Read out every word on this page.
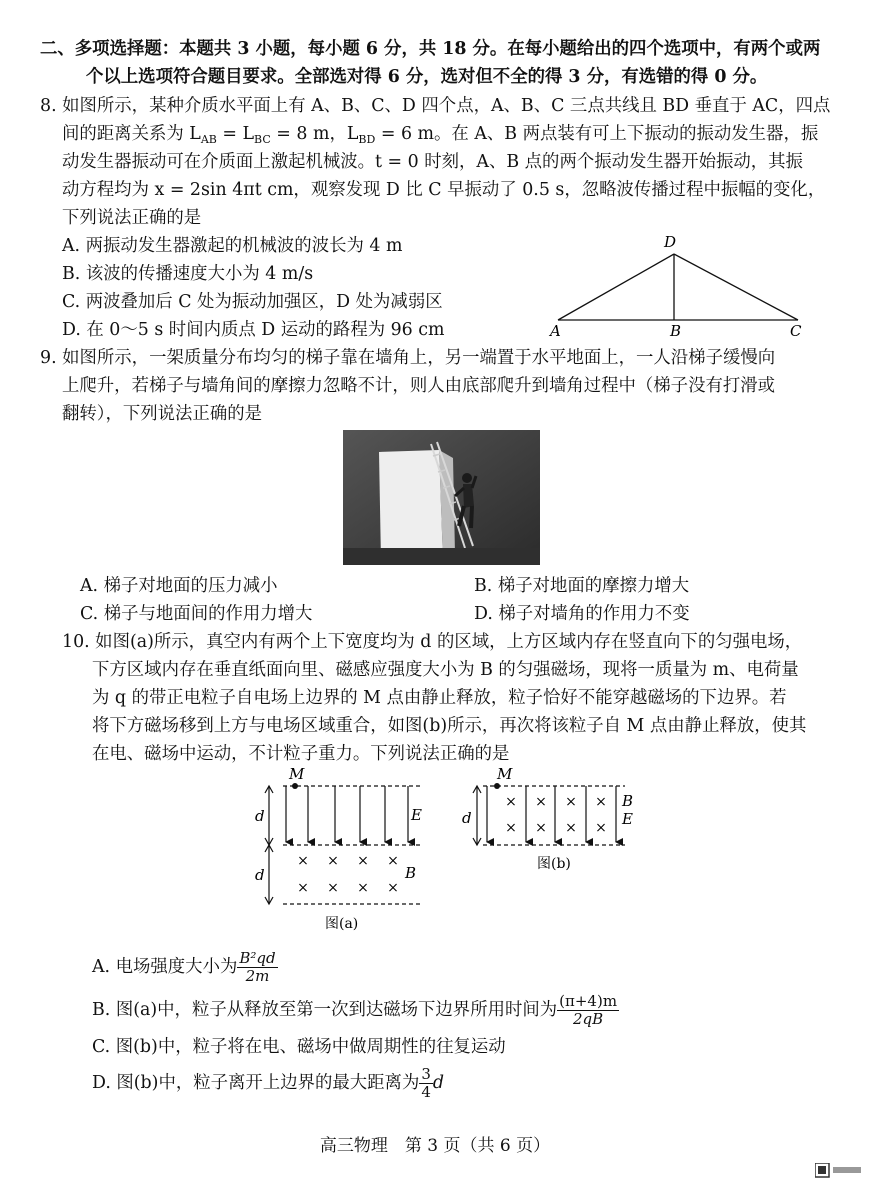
二、多项选择题：本题共 3 小题，每小题 6 分，共 18 分。在每小题给出的四个选项中，有两个或两
个以上选项符合题目要求。全部选对得 6 分，选对但不全的得 3 分，有选错的得 0 分。
8. 如图所示，某种介质水平面上有 A、B、C、D 四个点，A、B、C 三点共线且 BD 垂直于 AC，四点
间的距离关系为 $L_{AB} = L_{BC} = 8$ m，$L_{BD} = 6$ m。在 A、B 两点装有可上下振动的振动发生器，振
动发生器振动可在介质面上激起机械波。t = 0 时刻，A、B 点的两个振动发生器开始振动，其振
动方程均为 x = 2sin 4πt cm，观察发现 D 比 C 早振动了 0.5 s，忽略波传播过程中振幅的变化，
下列说法正确的是
A. 两振动发生器激起的机械波的波长为 4 m
B. 该波的传播速度大小为 4 m/s
C. 两波叠加后 C 处为振动加强区，D 处为减弱区
D. 在 0～5 s 时间内质点 D 运动的路程为 96 cm
D
A	B	C
9. 如图所示，一架质量分布均匀的梯子靠在墙角上，另一端置于水平地面上，一人沿梯子缓慢向
上爬升，若梯子与墙角间的摩擦力忽略不计，则人由底部爬升到墙角过程中（梯子没有打滑或
翻转），下列说法正确的是
A. 梯子对地面的压力减小	B. 梯子对地面的摩擦力增大
C. 梯子与地面间的作用力增大	D. 梯子对墙角的作用力不变
10. 如图(a)所示，真空内有两个上下宽度均为 d 的区域，上方区域内存在竖直向下的匀强电场，
下方区域内存在垂直纸面向里、磁感应强度大小为 B 的匀强磁场，现将一质量为 m、电荷量
为 q 的带正电粒子自电场上边界的 M 点由静止释放，粒子恰好不能穿越磁场的下边界。若
将下方磁场移到上方与电场区域重合，如图(b)所示，再次将该粒子自 M 点由静止释放，使其
在电、磁场中运动，不计粒子重力。下列说法正确的是
M
d
d
E
B
× × × ×
× × × ×
图(a)
M
d
B
E
× × × ×
× × × ×
图(b)
A. 电场强度大小为 $\frac{\text{B²qd}}{2m}$
B. 图(a)中，粒子从释放至第一次到达磁场下边界所用时间为 $\frac{(\pi+4)m}{2qB}$
C. 图(b)中，粒子将在电、磁场中做周期性的往复运动
D. 图(b)中，粒子离开上边界的最大距离为 $\frac{3}{4}$ d
高三物理　第 3 页（共 6 页）
